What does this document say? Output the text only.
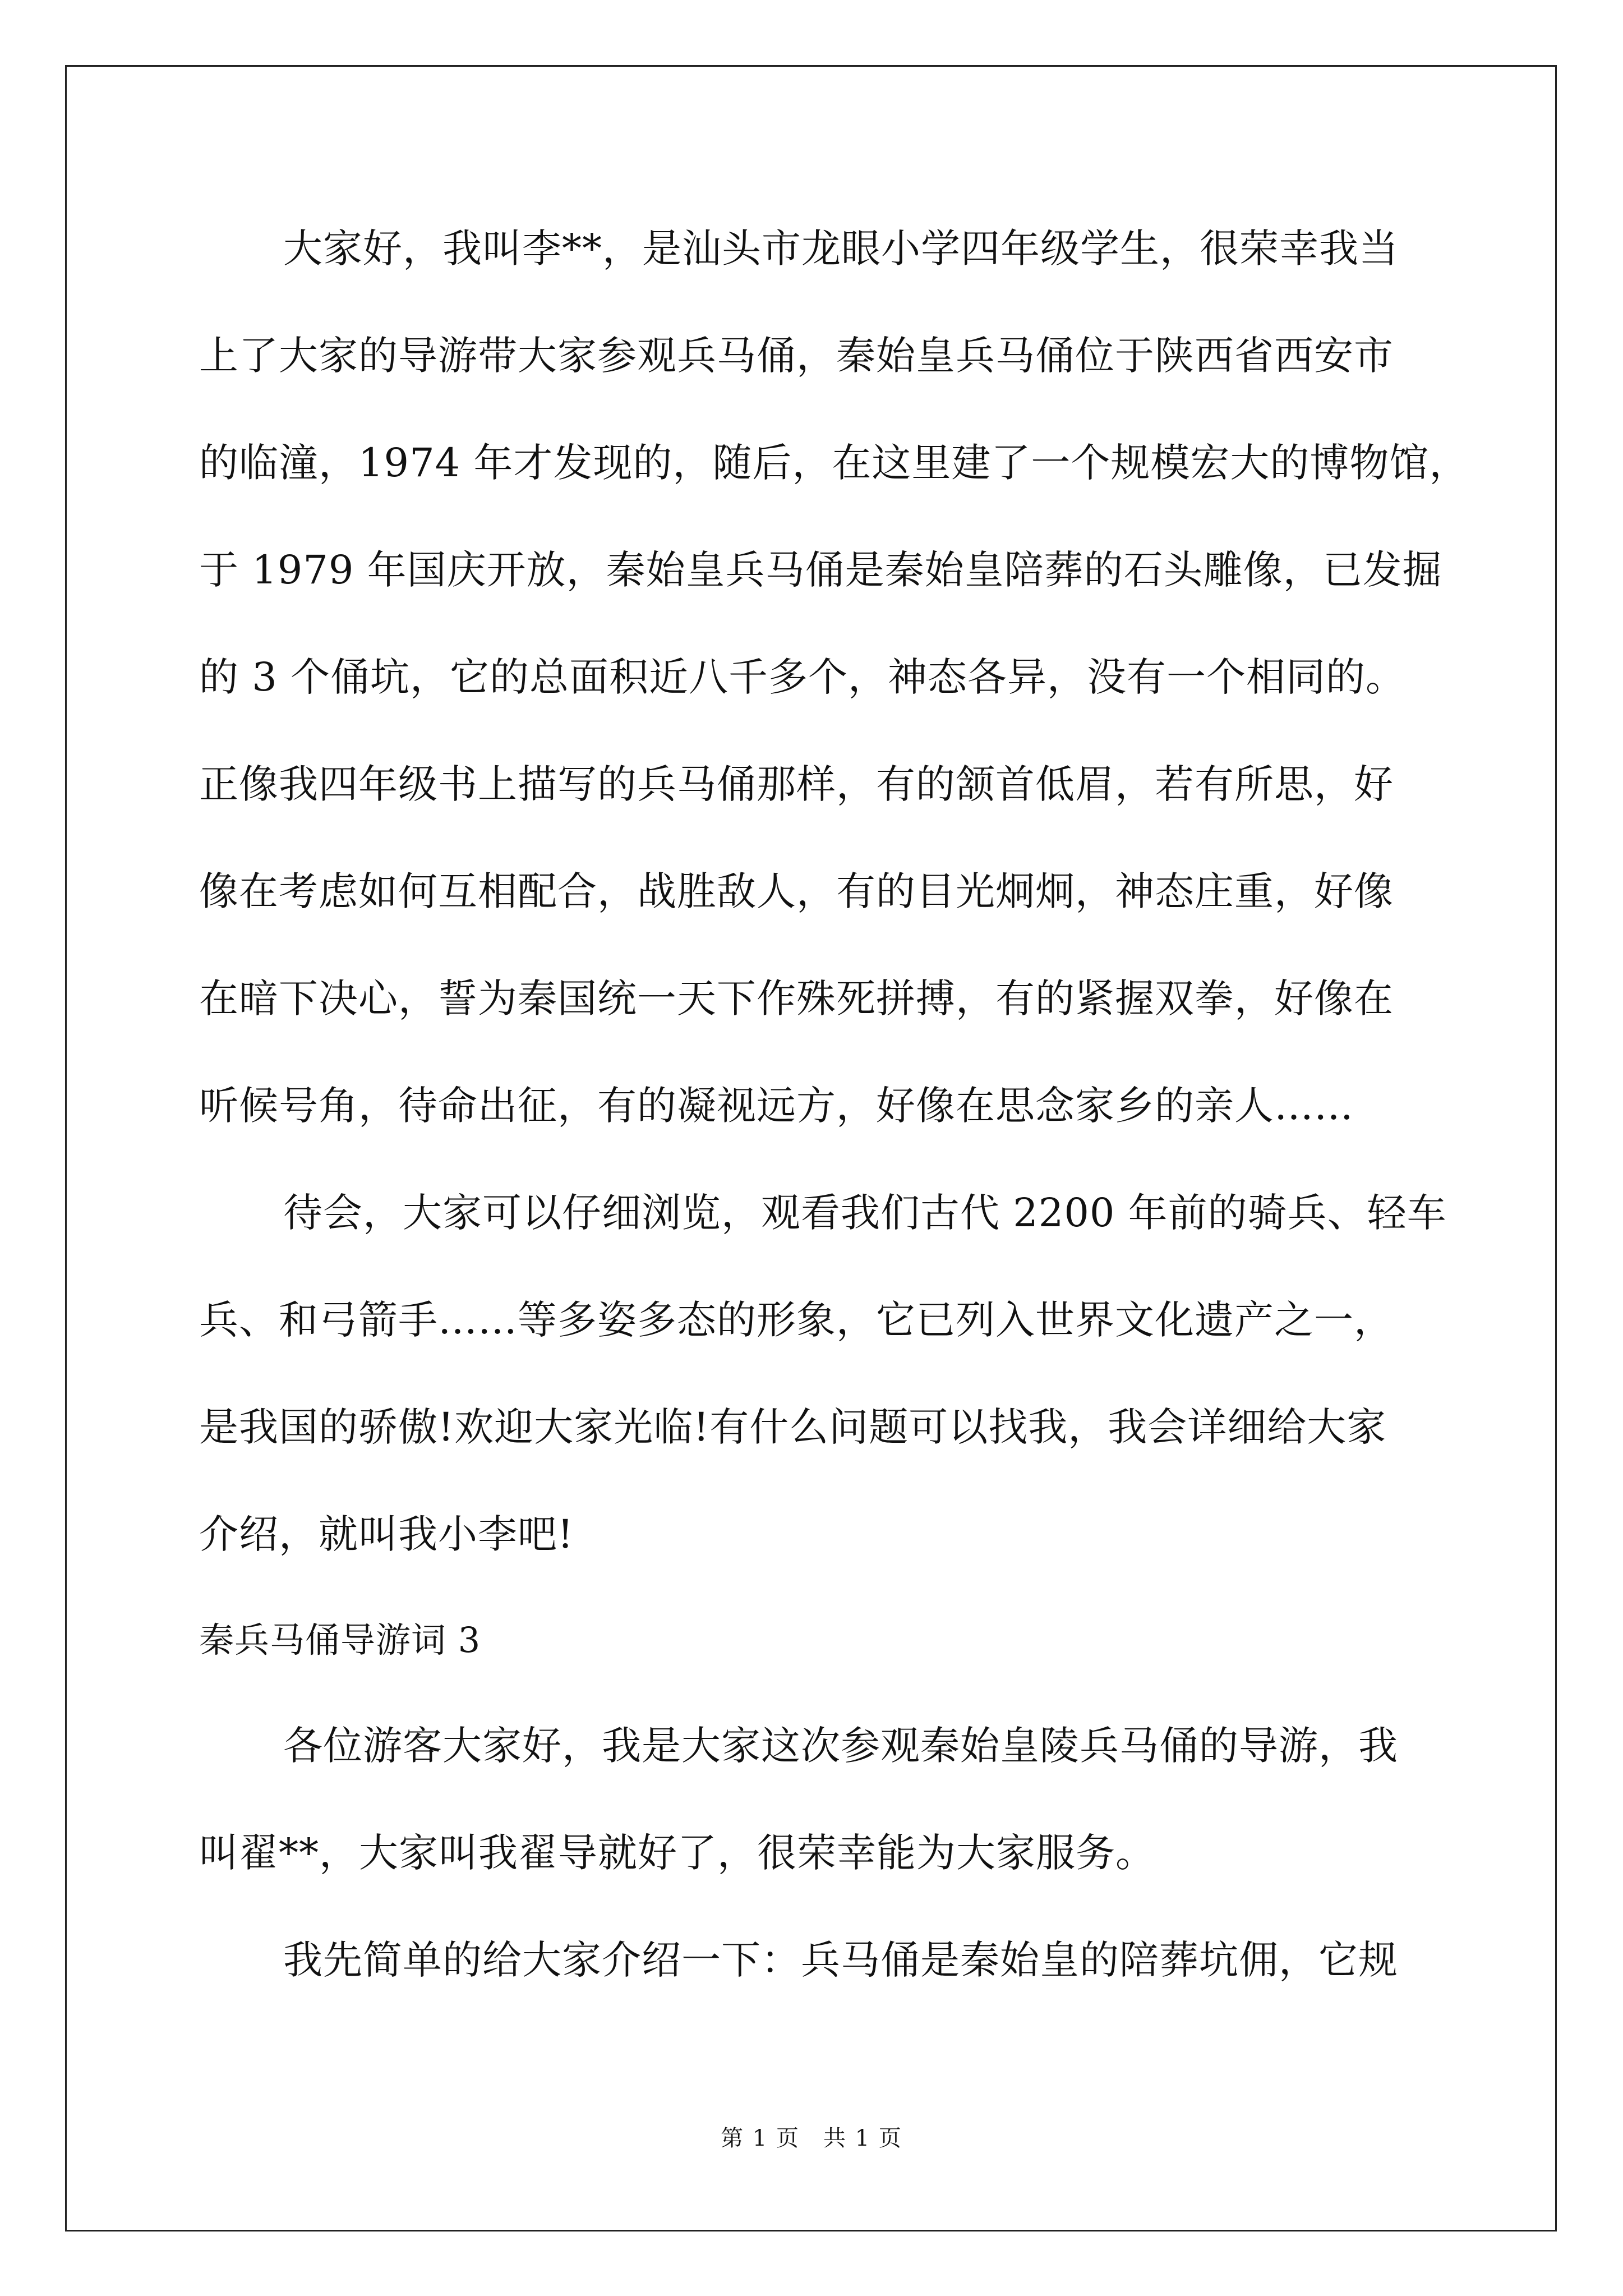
大家好，我叫李**，是汕头市龙眼小学四年级学生，很荣幸我当
上了大家的导游带大家参观兵马俑，秦始皇兵马俑位于陕西省西安市
的临潼，1974 年才发现的，随后，在这里建了一个规模宏大的博物馆，
于 1979 年国庆开放，秦始皇兵马俑是秦始皇陪葬的石头雕像，已发掘
的 3 个俑坑，它的总面积近八千多个，神态各异，没有一个相同的。
正像我四年级书上描写的兵马俑那样，有的颔首低眉，若有所思，好
像在考虑如何互相配合，战胜敌人，有的目光炯炯，神态庄重，好像
在暗下决心，誓为秦国统一天下作殊死拼搏，有的紧握双拳，好像在
听候号角，待命出征，有的凝视远方，好像在思念家乡的亲人……
待会，大家可以仔细浏览，观看我们古代 2200 年前的骑兵、轻车
兵、和弓箭手……等多姿多态的形象，它已列入世界文化遗产之一，
是我国的骄傲!欢迎大家光临!有什么问题可以找我，我会详细给大家
介绍，就叫我小李吧!
秦兵马俑导游词 3
各位游客大家好，我是大家这次参观秦始皇陵兵马俑的导游，我
叫翟**，大家叫我翟导就好了，很荣幸能为大家服务。
我先简单的给大家介绍一下：兵马俑是秦始皇的陪葬坑佣，它规
第 1 页　共 1 页
